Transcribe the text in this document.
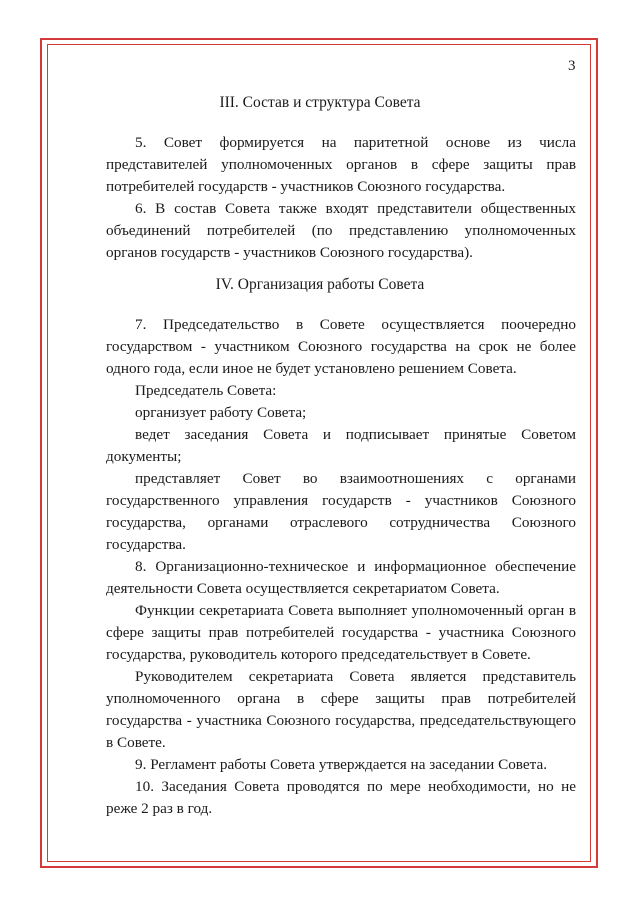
3
III. Состав и структура Совета
5. Совет формируется на паритетной основе из числа
представителей уполномоченных органов в сфере защиты прав
потребителей государств - участников Союзного государства.
6. В состав Совета также входят представители общественных
объединений потребителей (по представлению уполномоченных
органов государств - участников Союзного государства).
IV. Организация работы Совета
7. Председательство в Совете осуществляется поочередно
государством - участником Союзного государства на срок не более
одного года, если иное не будет установлено решением Совета.
Председатель Совета:
организует работу Совета;
ведет заседания Совета и подписывает принятые Советом
документы;
представляет Совет во взаимоотношениях с органами
государственного управления государств - участников Союзного
государства, органами отраслевого сотрудничества Союзного
государства.
8. Организационно-техническое и информационное обеспечение
деятельности Совета осуществляется секретариатом Совета.
Функции секретариата Совета выполняет уполномоченный орган в
сфере защиты прав потребителей государства - участника Союзного
государства, руководитель которого председательствует в Совете.
Руководителем секретариата Совета является представитель
уполномоченного органа в сфере защиты прав потребителей
государства - участника Союзного государства, председательствующего
в Совете.
9. Регламент работы Совета утверждается на заседании Совета.
10. Заседания Совета проводятся по мере необходимости, но не
реже 2 раз в год.
